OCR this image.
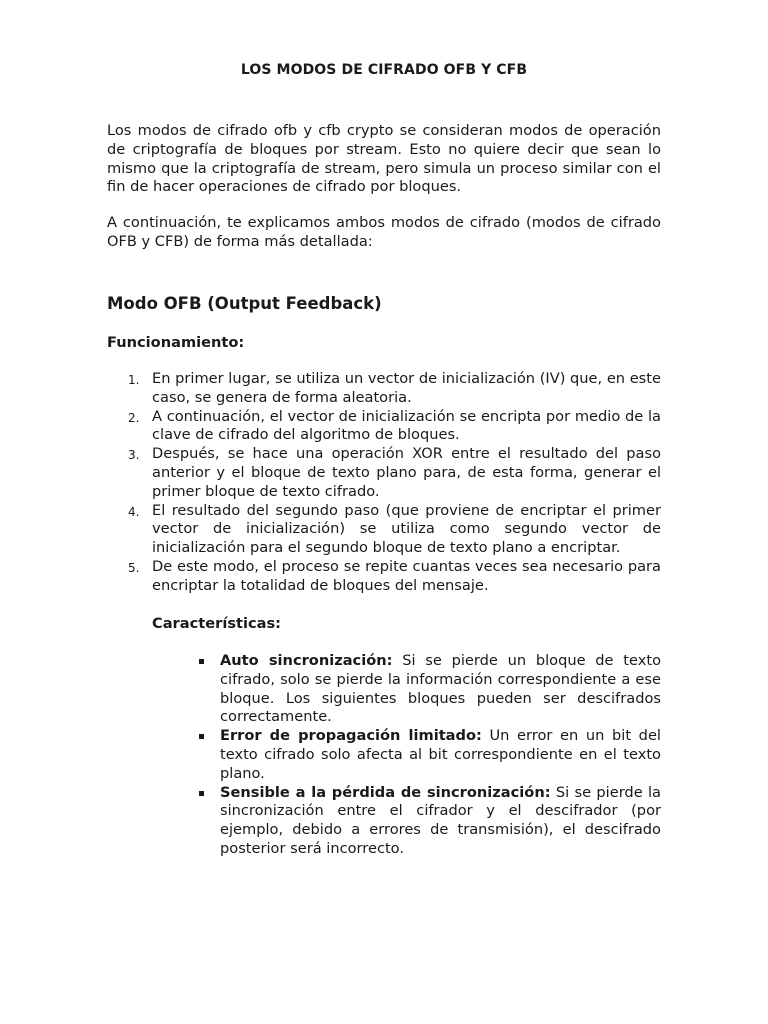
LOS MODOS DE CIFRADO OFB Y CFB

Los modos de cifrado ofb y cfb crypto se consideran modos de operación de criptografía de bloques por stream. Esto no quiere decir que sean lo mismo que la criptografía de stream, pero simula un proceso similar con el fin de hacer operaciones de cifrado por bloques.

A continuación, te explicamos ambos modos de cifrado (modos de cifrado OFB y CFB) de forma más detallada:

Modo OFB (Output Feedback)
Funcionamiento:
1. En primer lugar, se utiliza un vector de inicialización (IV) que, en este caso, se genera de forma aleatoria.
2. A continuación, el vector de inicialización se encripta por medio de la clave de cifrado del algoritmo de bloques.
3. Después, se hace una operación XOR entre el resultado del paso anterior y el bloque de texto plano para, de esta forma, generar el primer bloque de texto cifrado.
4. El resultado del segundo paso (que proviene de encriptar el primer vector de inicialización) se utiliza como segundo vector de inicialización para el segundo bloque de texto plano a encriptar.
5. De este modo, el proceso se repite cuantas veces sea necesario para encriptar la totalidad de bloques del mensaje.
Características:
Auto sincronización: Si se pierde un bloque de texto cifrado, solo se pierde la información correspondiente a ese bloque. Los siguientes bloques pueden ser descifrados correctamente.
Error de propagación limitado: Un error en un bit del texto cifrado solo afecta al bit correspondiente en el texto plano.
Sensible a la pérdida de sincronización: Si se pierde la sincronización entre el cifrador y el descifrador (por ejemplo, debido a errores de transmisión), el descifrado posterior será incorrecto.
